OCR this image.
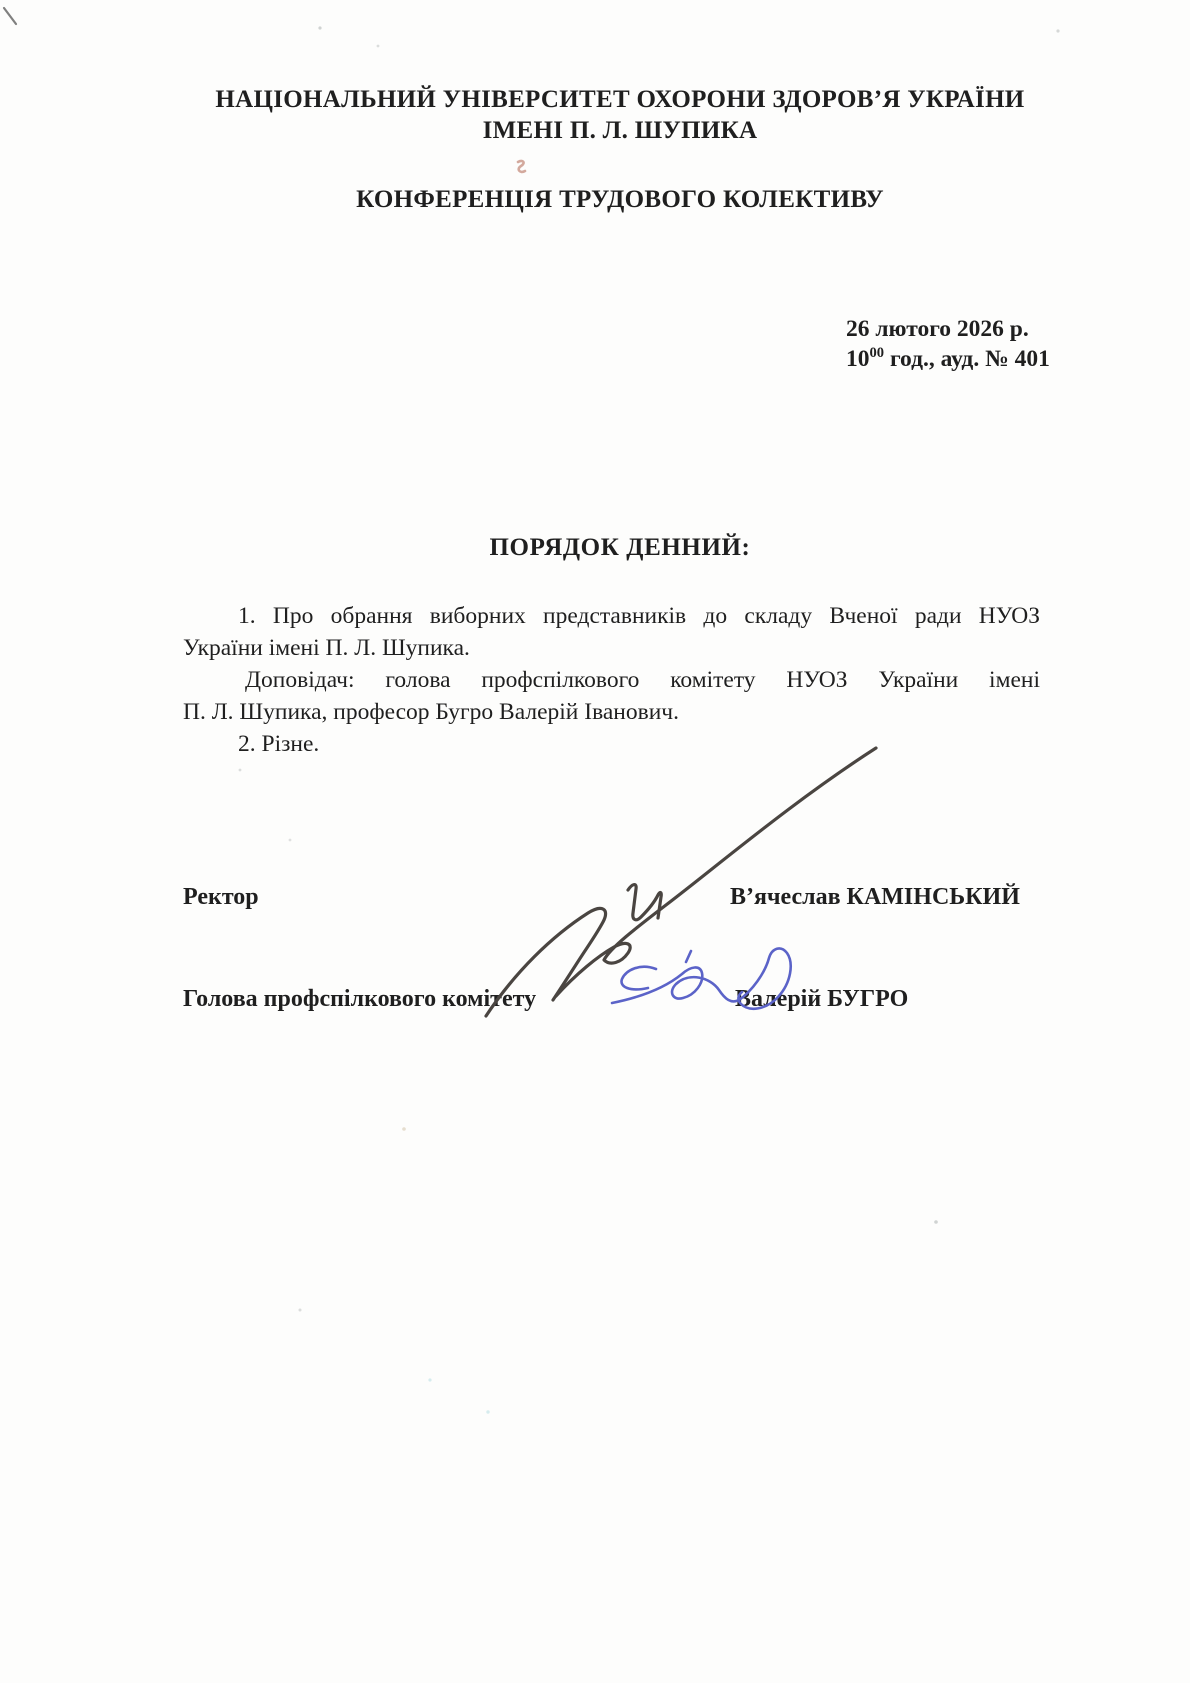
НАЦІОНАЛЬНИЙ УНІВЕРСИТЕТ ОХОРОНИ ЗДОРОВ’Я УКРАЇНИ
ІМЕНІ П. Л. ШУПИКА
КОНФЕРЕНЦІЯ ТРУДОВОГО КОЛЕКТИВУ
26 лютого 2026 р.
$10^{00}$ год., ауд. № 401
ПОРЯДОК ДЕННИЙ:
1. Про обрання виборних представників до складу Вченої ради НУОЗ
України імені П. Л. Шупика.
Доповідач: голова профспілкового комітету НУОЗ України імені
П. Л. Шупика, професор Бугро Валерій Іванович.
2. Різне.
Ректор	В’ячеслав КАМІНСЬКИЙ
Голова профспілкового комітету	Валерій БУГРО
